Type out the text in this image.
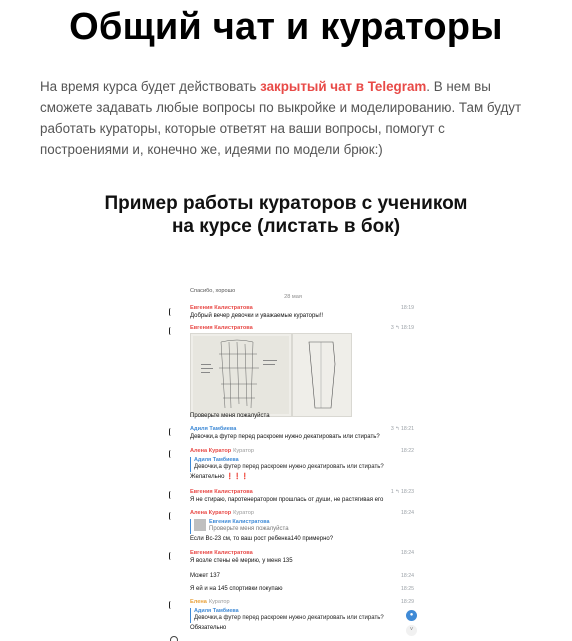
Общий чат и кураторы
На время курса будет действовать закрытый чат в Telegram. В нем вы сможете задавать любые вопросы по выкройке и моделированию. Там будут работать кураторы, которые ответят на ваши вопросы, помогут с построениями и, конечно же, идеями по модели брюк:)
Пример работы кураторов с учеником
на курсе (листать в бок)
Спасибо, хорошо
28 мая
Евгения Калистратова	18:19
Добрый вечер девочки и уважаемые кураторы!!
Евгения Калистратова	3 ↰ 18:19
Проверьте меня пожалуйста
Адиля Тамбиева	3 ↰ 18:21
Девочки,а футер перед раскроем нужно декатировать или стирать?
Алена Куратор Куратор	18:22
Адиля Тамбиева
Девочки,а футер перед раскроем нужно декатировать или стирать?
Желательно ❗❗❗
Евгения Калистратова	1 ↰ 18:23
Я не стираю, паротенератором прошлась от души, не растягивая его
Алена Куратор Куратор	18:24
Евгения Калистратова
Проверьте меня пожалуйста
Если Вс-23 см, то ваш рост ребенка140 примерно?
Евгения Калистратова	18:24
Я возле стены её мерию, у меня 135
18:24
Может 137
18:25
Я ей и на 145 спортивки покупаю
Елена Куратор	18:29
Адиля Тамбиева
Девочки,а футер перед раскроем нужно декатировать или стирать?
Обязательно
●
˅
